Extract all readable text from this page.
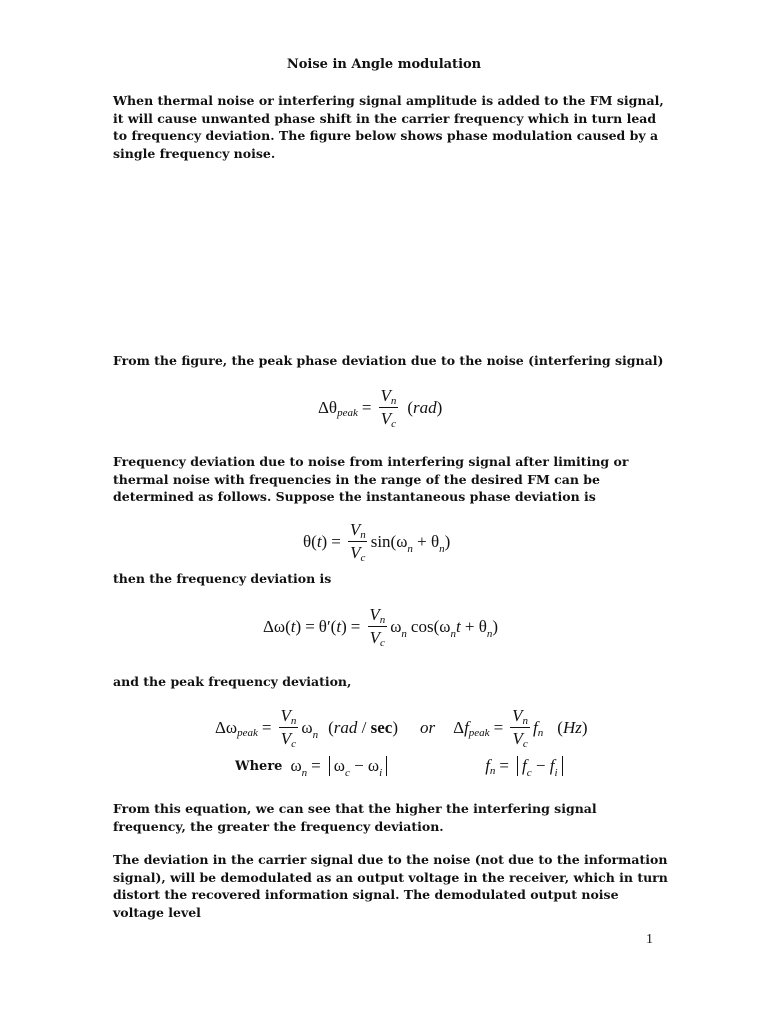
Noise in Angle modulation
When thermal noise or interfering signal amplitude is added to the FM signal, it will cause unwanted phase shift in the carrier frequency which in turn lead to frequency deviation. The figure below shows phase modulation caused by a single frequency noise.
From the figure, the peak phase deviation due to the noise (interfering signal)
Δθ peak = $\frac{Vn}{Vc} (rad)$
Frequency deviation due to noise from interfering signal after limiting or thermal noise with frequencies in the range of the desired FM can be determined as follows. Suppose the instantaneous phase deviation is
$\theta(t) = \frac{Vn}{Vc} \sin(\omega_n + \theta_n)$
then the frequency deviation is
$\Delta\omega(t) = \theta'(t) = \frac{Vn}{Vc} \omega_n$ $\cos(\omega_nt + \theta_n)$
and the peak frequency deviation,
Δω peak = $\frac{Vn}{Vc} \omega_n$ (rad / sec) or Δf peak = $\frac{Vn}{Vc}$ f n (Hz)
Where $\omega_n = \omega_c - \omega_i$	f $n = f_c - f_i$
From this equation, we can see that the higher the interfering signal frequency, the greater the frequency deviation.
The deviation in the carrier signal due to the noise (not due to the information signal), will be demodulated as an output voltage in the receiver, which in turn distort the recovered information signal. The demodulated output noise voltage level
1
